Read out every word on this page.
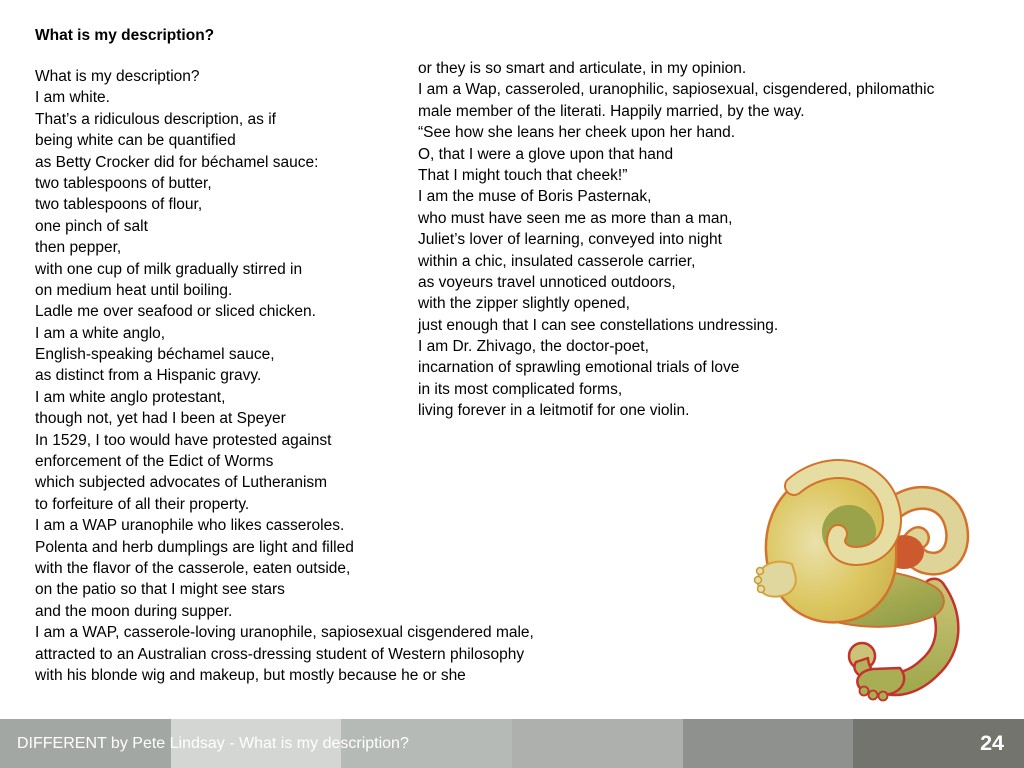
What is my description?
What is my description?
I am white.
That’s a ridiculous description, as if
being white can be quantified
as Betty Crocker did for béchamel sauce:
two tablespoons of butter,
two tablespoons of flour,
one pinch of salt
then pepper,
with one cup of milk gradually stirred in
on medium heat until boiling.
Ladle me over seafood or sliced chicken.
I am a white anglo,
English-speaking béchamel sauce,
as distinct from a Hispanic gravy.
I am white anglo protestant,
though not, yet had I been at Speyer
In 1529, I too would have protested against
enforcement of the Edict of Worms
which subjected advocates of Lutheranism
to forfeiture of all their property.
I am a WAP uranophile who likes casseroles.
Polenta and herb dumplings are light and filled
with the flavor of the casserole, eaten outside,
on the patio so that I might see stars
and the moon during supper.
I am a WAP, casserole-loving uranophile, sapiosexual cisgendered male,
attracted to an Australian cross-dressing student of Western philosophy
with his blonde wig and makeup, but mostly because he or she
or they is so smart and articulate, in my opinion.
I am a Wap, casseroled, uranophilic, sapiosexual, cisgendered, philomathic
male member of the literati. Happily married, by the way.
“See how she leans her cheek upon her hand.
O, that I were a glove upon that hand
That I might touch that cheek!”
I am the muse of Boris Pasternak,
who must have seen me as more than a man,
Juliet’s lover of learning, conveyed into night
within a chic, insulated casserole carrier,
as voyeurs travel unnoticed outdoors,
with the zipper slightly opened,
just enough that I can see constellations undressing.
I am Dr. Zhivago, the doctor-poet,
incarnation of sprawling emotional trials of love
in its most complicated forms,
living forever in a leitmotif for one violin.
DIFFERENT by Pete Lindsay - What is my description?	24
